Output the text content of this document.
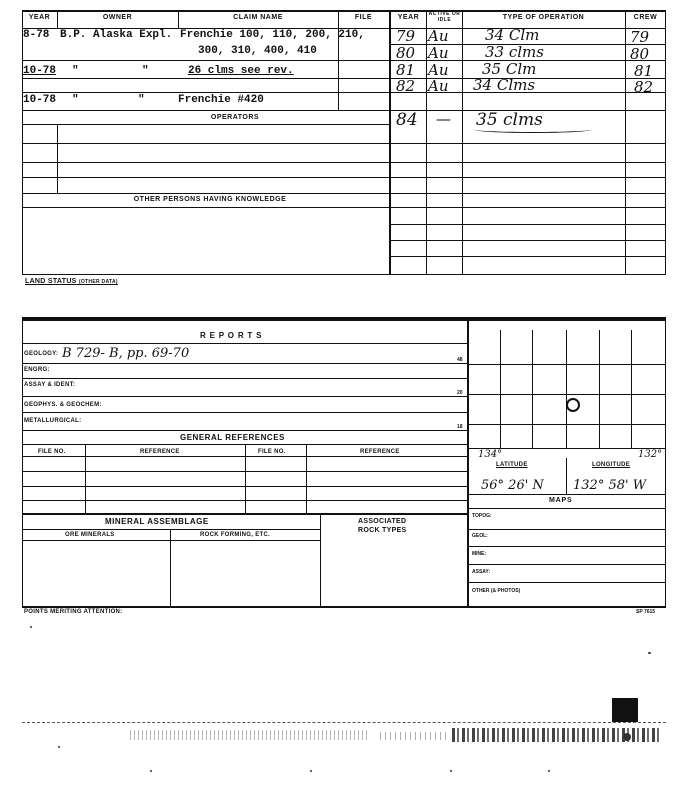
YEAR	OWNER	CLAIM NAME	FILE	YEAR	ACTIVE OR IDLE	TYPE OF OPERATION	CREW
8-78 B.P. Alaska Expl. Frenchie 100, 110, 200, 210,
300, 310, 400, 410
10-78 "	"	26 clms see rev.
10-78 "	"	Frenchie #420
OPERATORS
OTHER PERSONS HAVING KNOWLEDGE
79 Au 34 Clm	79
80 Au 33 clms	80
81 Au 35 Clm	81
82 Au 34 Clms	82
84 — 35 clms
LAND STATUS (OTHER DATA)
R E P O R T S
GEOLOGY: B 729- B, pp. 69-70	48
ENGRG:
ASSAY & IDENT:
20
GEOPHYS. & GEOCHEM:
METALLURGICAL:
18
GENERAL REFERENCES
FILE NO.	REFERENCE	FILE NO.	REFERENCE
MINERAL ASSEMBLAGE
ORE MINERALS	ROCK FORMING, ETC.
ASSOCIATED
ROCK TYPES
134°	132°
LATITUDE	LONGITUDE
56° 26' N 132° 58' W
MAPS
TOPOG:
GEOL:
MINE:
ASSAY:
OTHER (& PHOTOS)
POINTS MERITING ATTENTION:	SP 7615
